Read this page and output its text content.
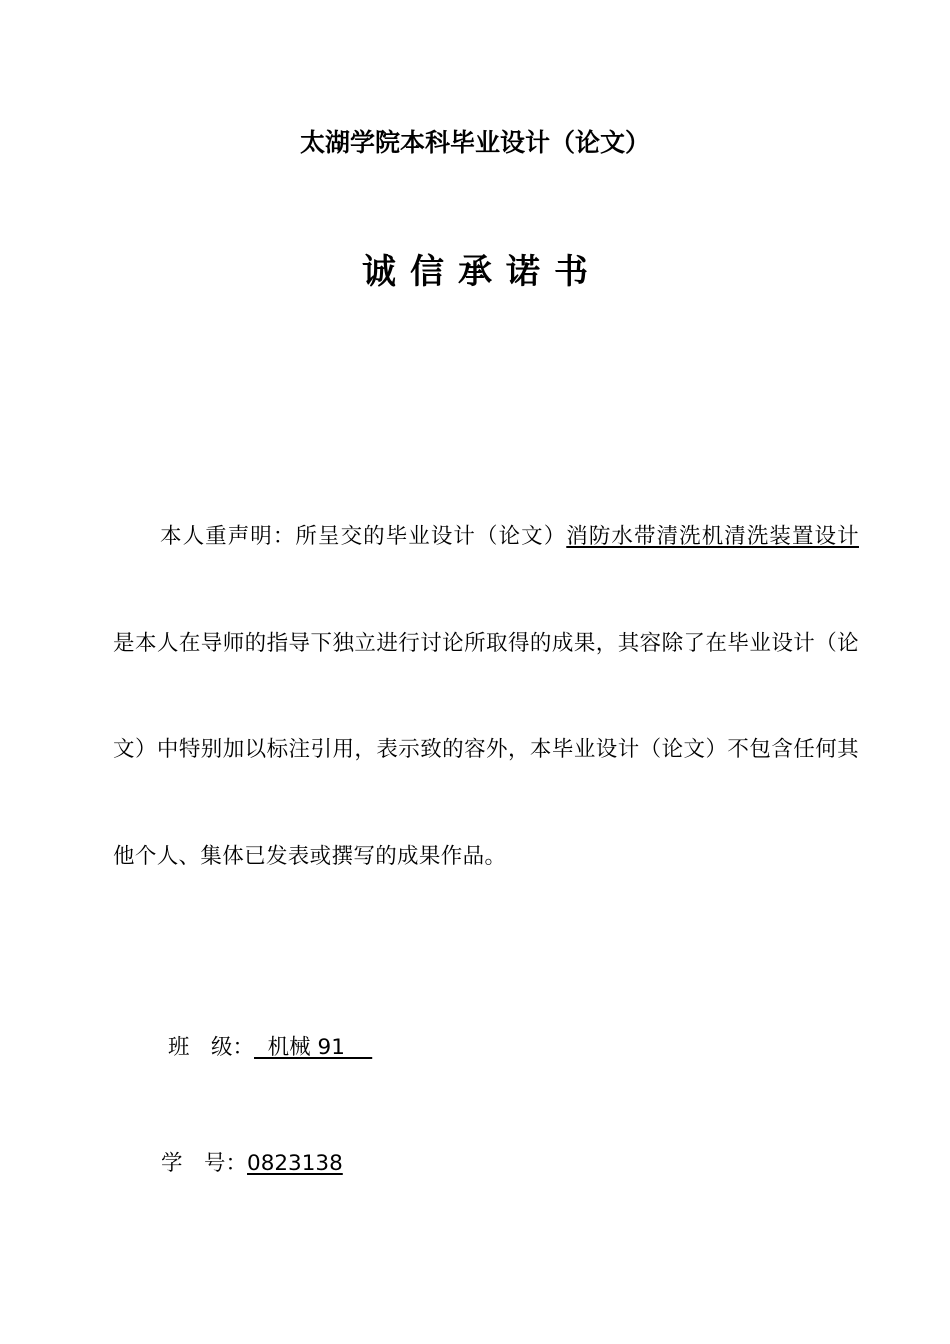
太湖学院本科毕业设计（论文）
诚信承诺书

本人重声明：所呈交的毕业设计（论文）消防水带清洗机清洗装置设计是本人在导师的指导下独立进行讨论所取得的成果，其容除了在毕业设计（论文）中特别加以标注引用，表示致的容外，本毕业设计（论文）不包含任何其他个人、集体已发表或撰写的成果作品。

班　级：  机械 91
学　号：0823138
